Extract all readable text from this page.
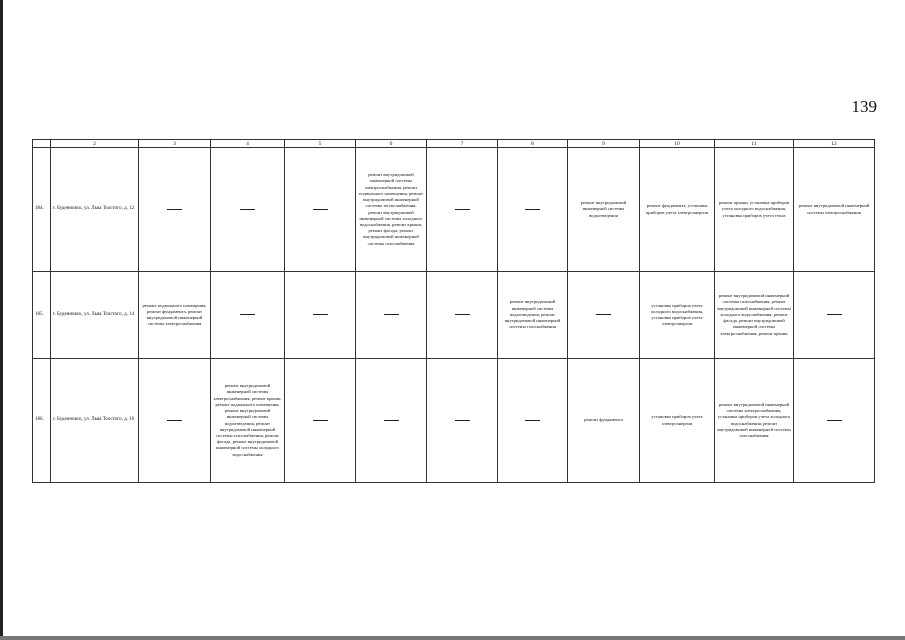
139
	2	3	4	5	6	7	8	9	10	11	12
184.	г. Буденновск, ул. Льва Толстого, д. 12				ремонт внутридомовой инженерной системы электроснабжения, ремонт подвального помещения, ремонт внутридомовой инженерной системы теплоснабжения, ремонт внутридомовой инженерной системы холодного водоснабжения, ремонт крыши, ремонт фасада, ремонт внутридомовой инженерной системы газоснабжения			ремонт внутридомовой инженерной системы водоотведения	ремонт фундамента, установка приборов учета электроэнергии	ремонт крыши, установка приборов учета холодного водоснабжения, установка приборов учета тепла	ремонт внутридомовой инженерной системы электроснабжения
185.	г. Буденновск, ул. Льва Толстого, д. 14	ремонт подвального помещения, ремонт фундамента, ремонт внутридомовой инженерной системы электроснабжения					ремонт внутридомовой инженерной системы водоотведения, ремонт внутридомовой инженерной системы газоснабжения		установка приборов учета холодного водоснабжения, установка приборов учета электроэнергии	ремонт внутридомовой инженерной системы газоснабжения, ремонт внутридомовой инженерной системы холодного водоснабжения, ремонт фасада, ремонт внутридомовой инженерной системы электроснабжения, ремонт крыши	
186.	г. Буденновск, ул. Льва Толстого, д. 16		ремонт внутридомовой инженерной системы электроснабжения, ремонт крыши, ремонт подвального помещения, ремонт внутридомовой инженерной системы водоотведения, ремонт внутридомовой инженерной системы газоснабжения, ремонт фасада, ремонт внутридомовой инженерной системы холодного водоснабжения					ремонт фундамента	установка приборов учета электроэнергии	ремонт внутридомовой инженерной системы электроснабжения, установка приборов учета холодного водоснабжения, ремонт внутридомовой инженерной системы газоснабжения	
